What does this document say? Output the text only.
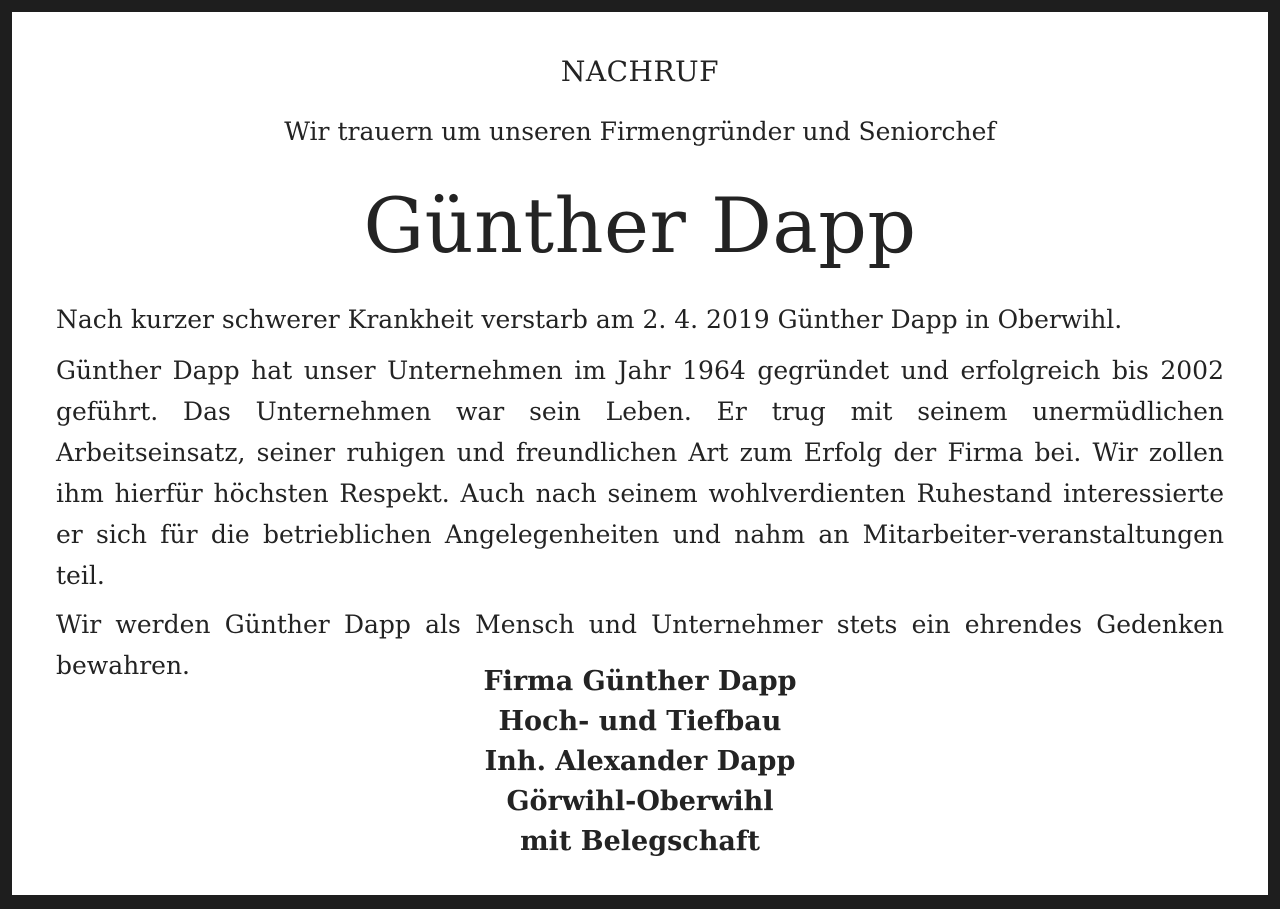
NACHRUF
Wir trauern um unseren Firmengründer und Seniorchef
Günther Dapp

Nach kurzer schwerer Krankheit verstarb am 2. 4. 2019 Günther Dapp in Oberwihl.

Günther Dapp hat unser Unternehmen im Jahr 1964 gegründet und erfolgreich bis 2002 geführt. Das Unternehmen war sein Leben. Er trug mit seinem unermüdlichen Arbeitseinsatz, seiner ruhigen und freundlichen Art zum Erfolg der Firma bei. Wir zollen ihm hierfür höchsten Respekt. Auch nach seinem wohlverdienten Ruhestand interessierte er sich für die betrieblichen Angelegenheiten und nahm an Mitarbeiter-veranstaltungen teil.

Wir werden Günther Dapp als Mensch und Unternehmer stets ein ehrendes Gedenken bewahren.

Firma Günther Dapp
Hoch- und Tiefbau
Inh. Alexander Dapp
Görwihl-Oberwihl
mit Belegschaft
